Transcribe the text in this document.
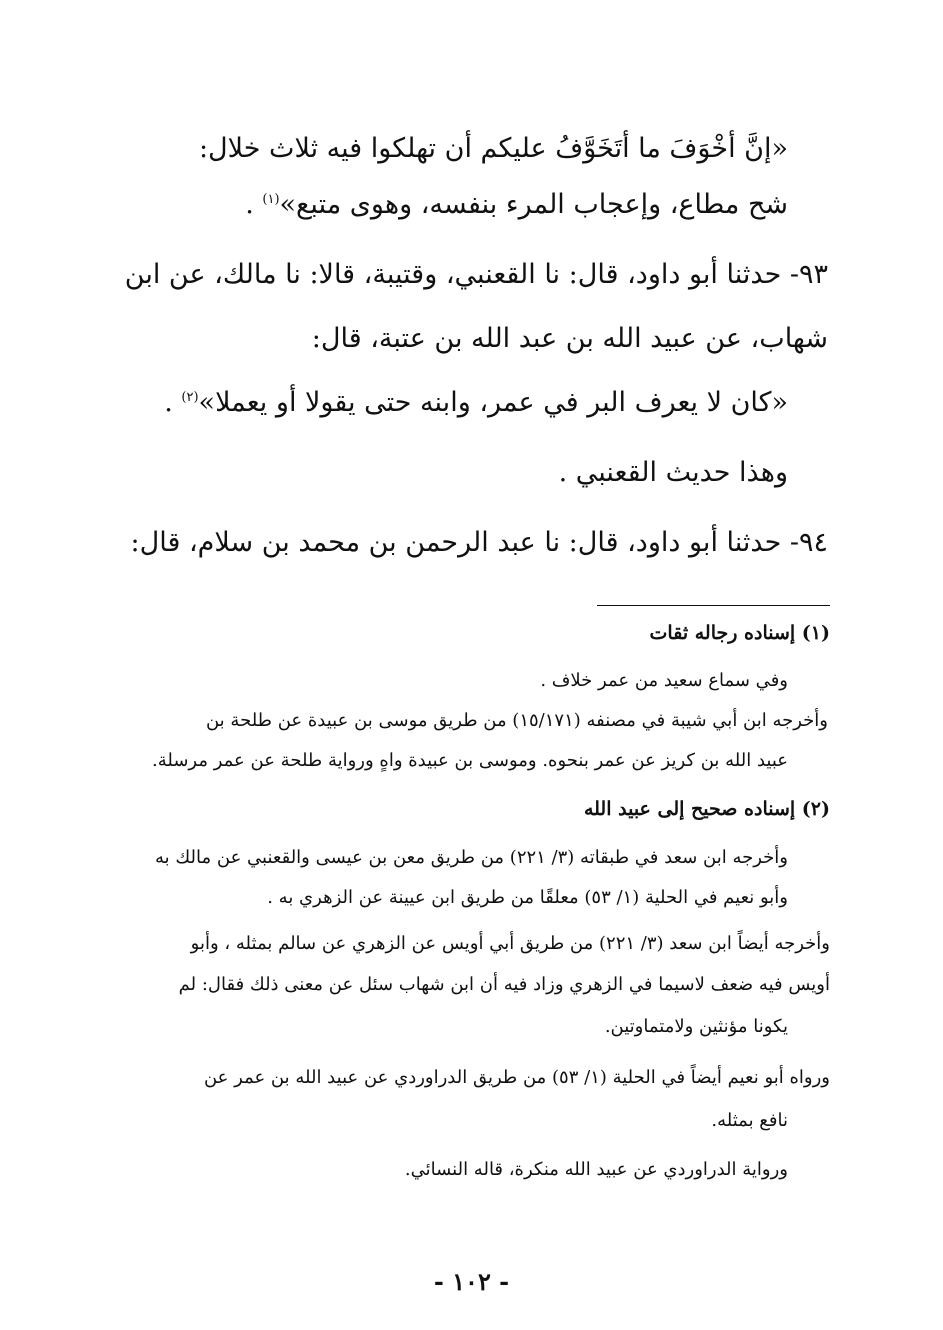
«إنَّ أخْوَفَ ما أتَخَوَّفُ عليكم أن تهلكوا فيه ثلاث خلال:
شح مطاع، وإعجاب المرء بنفسه، وهوى متبع»$^{(١)}$ .
٩٣- حدثنا أبو داود، قال: نا القعنبي، وقتيبة، قالا: نا مالك، عن ابن
شهاب، عن عبيد الله بن عبد الله بن عتبة، قال:
«كان لا يعرف البر في عمر، وابنه حتى يقولا أو يعملا»$^{(٢)}$ .
وهذا حديث القعنبي .
٩٤- حدثنا أبو داود، قال: نا عبد الرحمن بن محمد بن سلام، قال:
(١) إسناده رجاله ثقات
وفي سماع سعيد من عمر خلاف .
وأخرجه ابن أبي شيبة في مصنفه (١٥/١٧١) من طريق موسى بن عبيدة عن طلحة بن
عبيد الله بن كريز عن عمر بنحوه. وموسى بن عبيدة واهٍ ورواية طلحة عن عمر مرسلة.
(٢) إسناده صحيح إلى عبيد الله
وأخرجه ابن سعد في طبقاته (٣/ ٢٢١) من طريق معن بن عيسى والقعنبي عن مالك به
وأبو نعيم في الحلية (١/ ٥٣) معلقًا من طريق ابن عيينة عن الزهري به .
وأخرجه أيضاً ابن سعد (٣/ ٢٢١) من طريق أبي أويس عن الزهري عن سالم بمثله ، وأبو
أويس فيه ضعف لاسيما في الزهري وزاد فيه أن ابن شهاب سئل عن معنى ذلك فقال: لم
يكونا مؤنثين ولامتماوتين.
ورواه أبو نعيم أيضاً في الحلية (١/ ٥٣) من طريق الدراوردي عن عبيد الله بن عمر عن
نافع بمثله.
ورواية الدراوردي عن عبيد الله منكرة، قاله النسائي.
- ١٠٢ -
